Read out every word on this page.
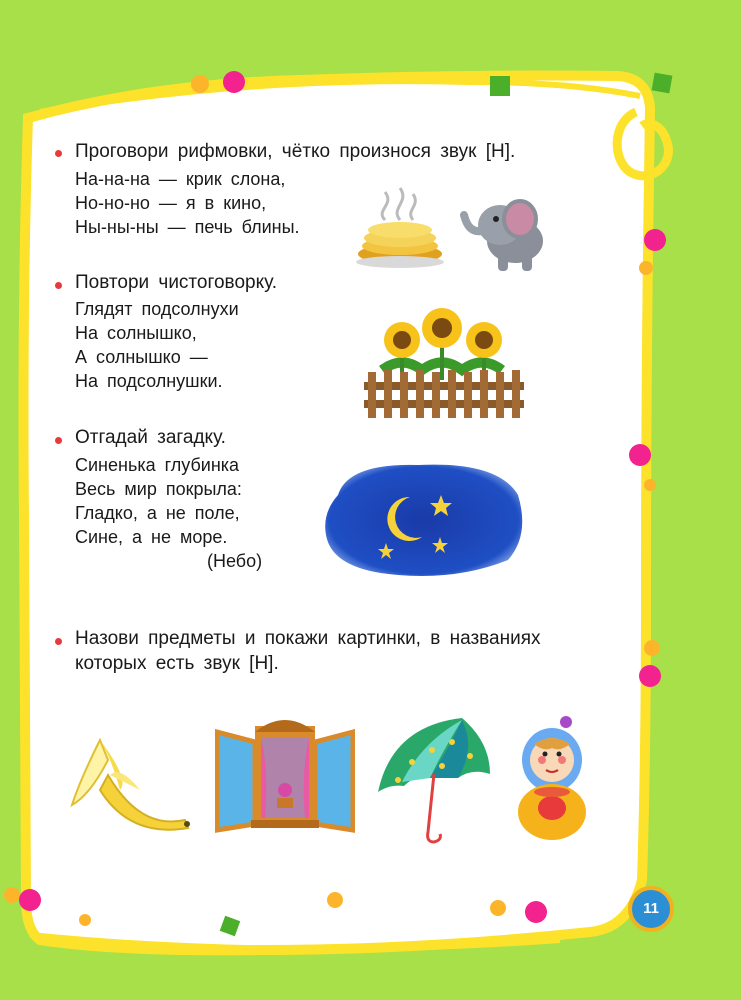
Проговори рифмовки, чётко произнося звук [Н].
На-на-на — крик слона,
Но-но-но — я в кино,
Ны-ны-ны — печь блины.
Повтори чистоговорку.
Глядят подсолнухи
На солнышко,
А солнышко —
На подсолнушки.
Отгадай загадку.
Синенька глубинка
Весь мир покрыла:
Гладко, а не поле,
Сине, а не море.
(Небо)
Назови предметы и покажи картинки, в названиях
которых есть звук [Н].
11
